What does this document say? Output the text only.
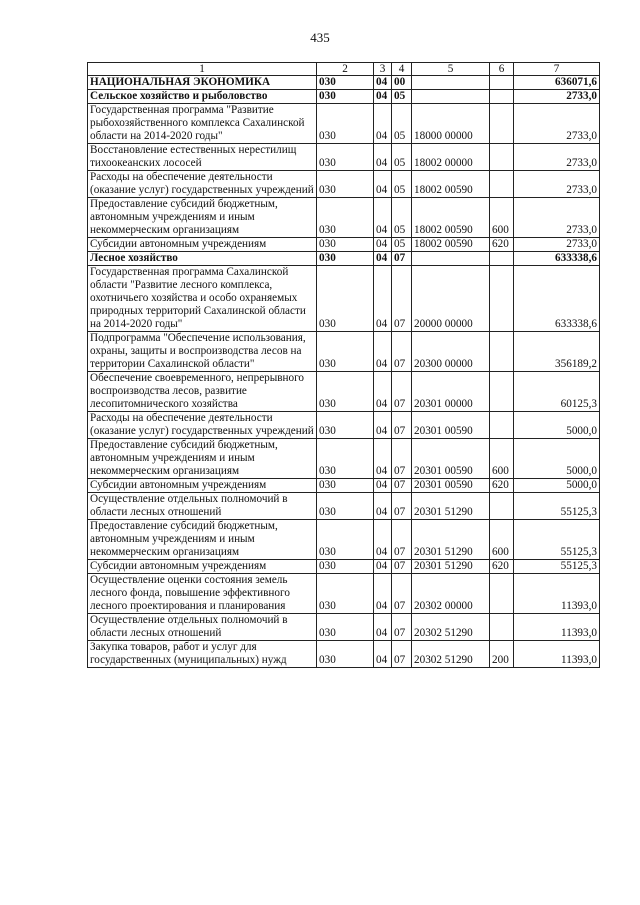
435
1	2	3	4	5	6	7
НАЦИОНАЛЬНАЯ ЭКОНОМИКА	030	04	00			636071,6
Сельское хозяйство и рыболовство	030	04	05			2733,0
Государственная программа "Развитие рыбохозяйственного комплекса Сахалинской области на 2014-2020 годы"	030	04	05	18000 00000		2733,0
Восстановление естественных нерестилищ тихоокеанских лососей	030	04	05	18002 00000		2733,0
Расходы на обеспечение деятельности (оказание услуг) государственных учреждений	030	04	05	18002 00590		2733,0
Предоставление субсидий бюджетным, автономным учреждениям и иным некоммерческим организациям	030	04	05	18002 00590	600	2733,0
Субсидии автономным учреждениям	030	04	05	18002 00590	620	2733,0
Лесное хозяйство	030	04	07			633338,6
Государственная программа Сахалинской области "Развитие лесного комплекса, охотничьего хозяйства и особо охраняемых природных территорий Сахалинской области на 2014-2020 годы"	030	04	07	20000 00000		633338,6
Подпрограмма "Обеспечение использования, охраны, защиты и воспроизводства лесов на территории Сахалинской области"	030	04	07	20300 00000		356189,2
Обеспечение своевременного, непрерывного воспроизводства лесов, развитие лесопитомнического хозяйства	030	04	07	20301 00000		60125,3
Расходы на обеспечение деятельности (оказание услуг) государственных учреждений	030	04	07	20301 00590		5000,0
Предоставление субсидий бюджетным, автономным учреждениям и иным некоммерческим организациям	030	04	07	20301 00590	600	5000,0
Субсидии автономным учреждениям	030	04	07	20301 00590	620	5000,0
Осуществление отдельных полномочий в области лесных отношений	030	04	07	20301 51290		55125,3
Предоставление субсидий бюджетным, автономным учреждениям и иным некоммерческим организациям	030	04	07	20301 51290	600	55125,3
Субсидии автономным учреждениям	030	04	07	20301 51290	620	55125,3
Осуществление оценки состояния земель лесного фонда, повышение эффективного лесного проектирования и планирования	030	04	07	20302 00000		11393,0
Осуществление отдельных полномочий в области лесных отношений	030	04	07	20302 51290		11393,0
Закупка товаров, работ и услуг для государственных (муниципальных) нужд	030	04	07	20302 51290	200	11393,0
